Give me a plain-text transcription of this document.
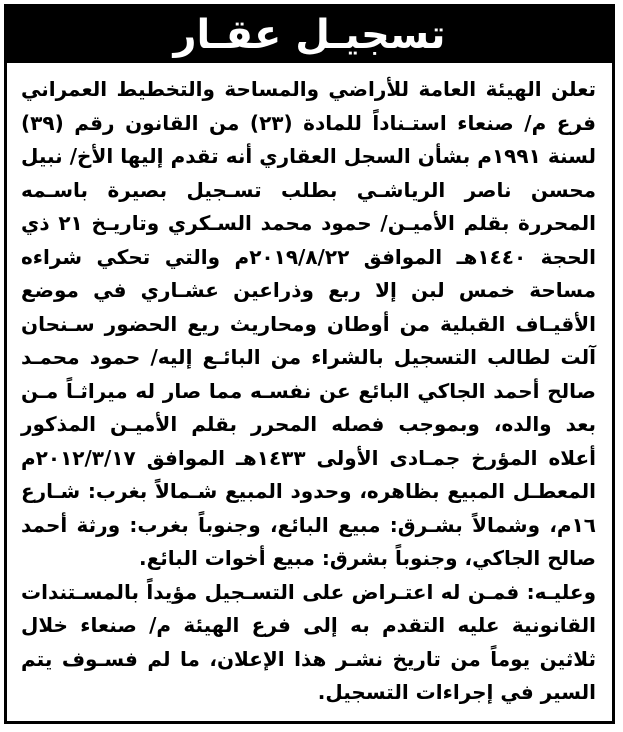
تسجيـل عقـار

تعلن الهيئة العامة للأراضي والمساحة والتخطيط العمراني فرع م/ صنعاء استـناداً للمادة (٢٣) من القانون رقم (٣٩) لسنة ١٩٩١م بشأن السجل العقاري أنه تقدم إليها الأخ/ نبيل محسن ناصر الرياشـي بطلب تسـجيل بصيرة باسـمه المحررة بقلم الأميـن/ حمود محمد السـكري وتاريـخ ٢١ ذي الحجة ١٤٤٠هـ الموافق ٢٠١٩/٨/٢٢م والتي تحكي شراءه مساحة خمس لبن إلا ربع وذراعين عشـاري في موضع الأقيـاف القبلية من أوطان ومحاريث ريع الحضور سـنحان آلت لطالب التسجيل بالشراء من البائـع إليه/ حمود محمـد صالح أحمد الجاكي البائع عن نفسـه مما صار له ميراثـاً مـن بعد والده، وبموجب فصله المحرر بقلم الأميـن المذكور أعلاه المؤرخ جمـادى الأولى ١٤٣٣هـ الموافق ٢٠١٢/٣/١٧م المعطـل المبيع بظاهره، وحدود المبيع شـمالاً بغرب: شـارع ١٦م، وشمالاً بشـرق: مبيع البائع، وجنوباً بغرب: ورثة أحمد صالح الجاكي، وجنوباً بشرق: مبيع أخوات البائع.

وعليـه: فمـن له اعتـراض على التسـجيل مؤيداً بالمسـتندات القانونية عليه التقدم به إلى فرع الهيئة م/ صنعاء خلال ثلاثين يوماً من تاريخ نشـر هذا الإعلان، ما لم فسـوف يتم السير في إجراءات التسجيل.
